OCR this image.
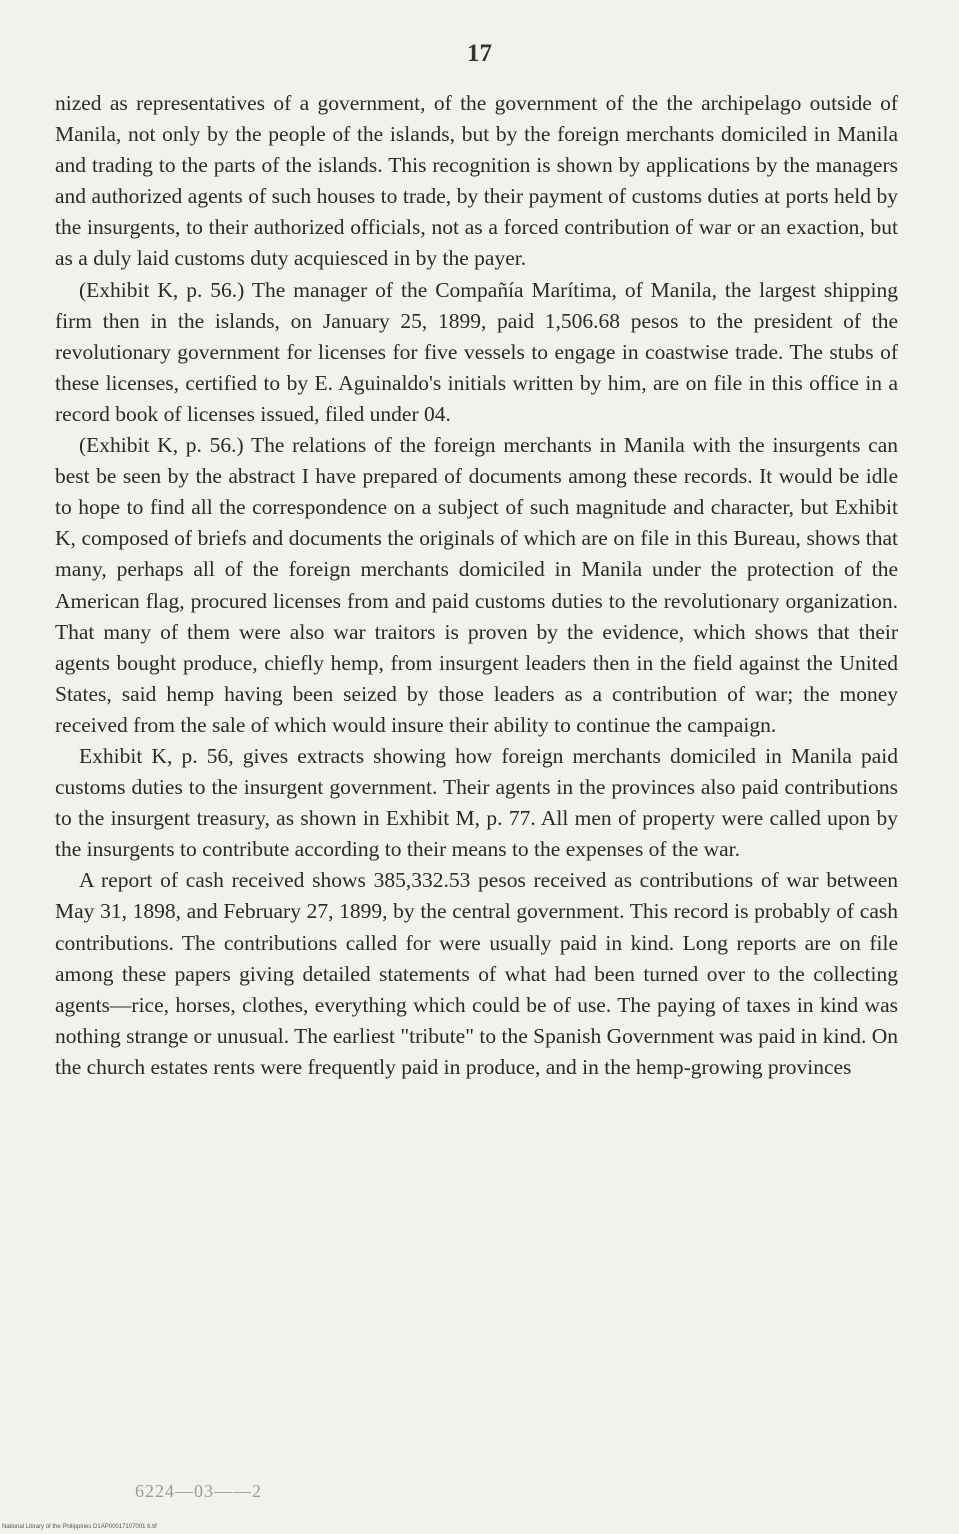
17

nized as representatives of a government, of the government of the the archipelago outside of Manila, not only by the people of the islands, but by the foreign merchants domiciled in Manila and trading to the parts of the islands. This recognition is shown by applications by the managers and authorized agents of such houses to trade, by their payment of customs duties at ports held by the insurgents, to their authorized officials, not as a forced contribution of war or an exaction, but as a duly laid customs duty acquiesced in by the payer.

(Exhibit K, p. 56.) The manager of the Compañía Marítima, of Manila, the largest shipping firm then in the islands, on January 25, 1899, paid 1,506.68 pesos to the president of the revolutionary government for licenses for five vessels to engage in coastwise trade. The stubs of these licenses, certified to by E. Aguinaldo's initials written by him, are on file in this office in a record book of licenses issued, filed under 04.

(Exhibit K, p. 56.) The relations of the foreign merchants in Manila with the insurgents can best be seen by the abstract I have prepared of documents among these records. It would be idle to hope to find all the correspondence on a subject of such magnitude and character, but Exhibit K, composed of briefs and documents the originals of which are on file in this Bureau, shows that many, perhaps all of the foreign merchants domiciled in Manila under the protection of the American flag, procured licenses from and paid customs duties to the revolutionary organization. That many of them were also war traitors is proven by the evidence, which shows that their agents bought produce, chiefly hemp, from insurgent leaders then in the field against the United States, said hemp having been seized by those leaders as a contribution of war; the money received from the sale of which would insure their ability to continue the campaign.

Exhibit K, p. 56, gives extracts showing how foreign merchants domiciled in Manila paid customs duties to the insurgent government. Their agents in the provinces also paid contributions to the insurgent treasury, as shown in Exhibit M, p. 77. All men of property were called upon by the insurgents to contribute according to their means to the expenses of the war.

A report of cash received shows 385,332.53 pesos received as contributions of war between May 31, 1898, and February 27, 1899, by the central government. This record is probably of cash contributions. The contributions called for were usually paid in kind. Long reports are on file among these papers giving detailed statements of what had been turned over to the collecting agents—rice, horses, clothes, everything which could be of use. The paying of taxes in kind was nothing strange or unusual. The earliest "tribute" to the Spanish Government was paid in kind. On the church estates rents were frequently paid in produce, and in the hemp-growing provinces

6224—03——2
National Library of the Philippines D1AP00017107001 6.tif
